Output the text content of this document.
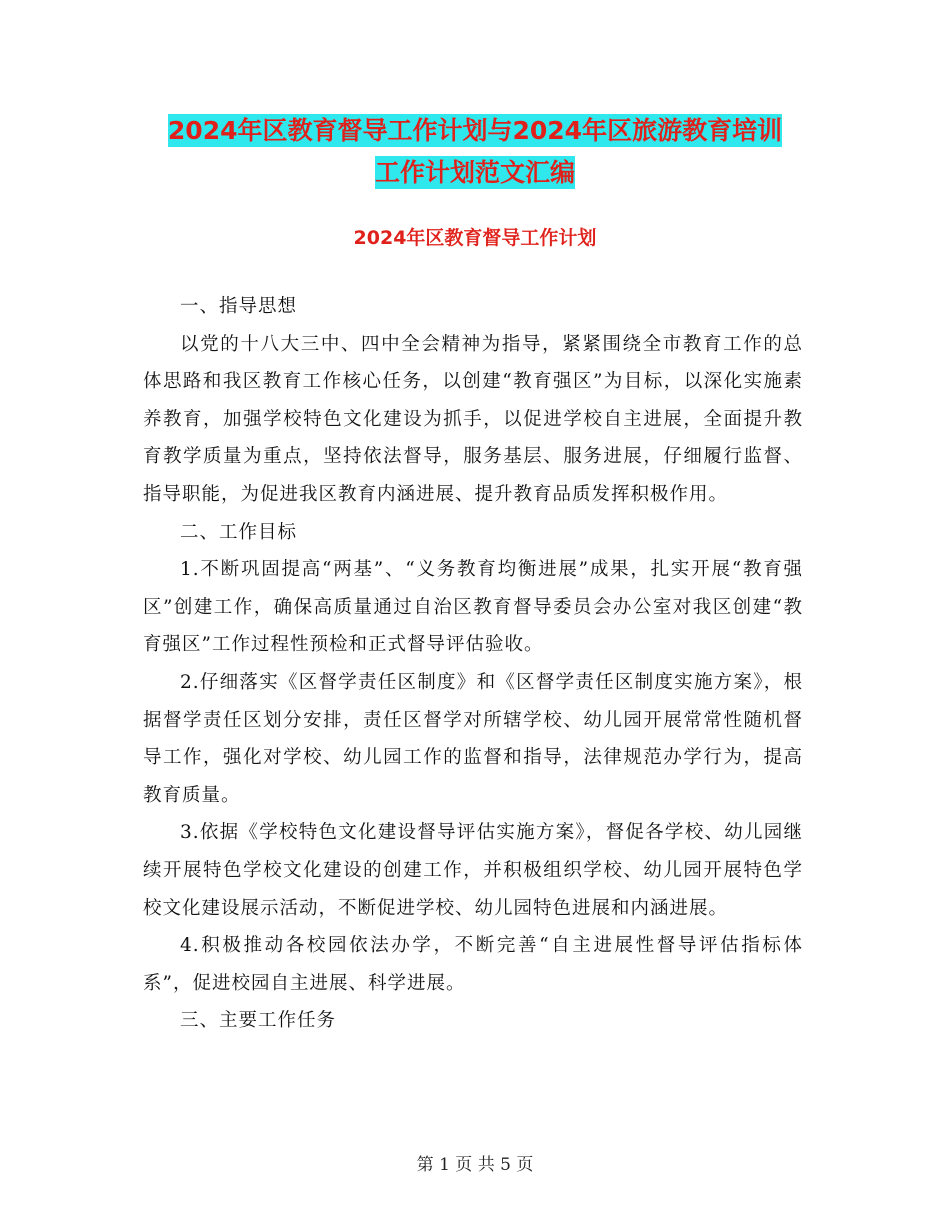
2024年区教育督导工作计划与2024年区旅游教育培训
工作计划范文汇编
2024年区教育督导工作计划

一、指导思想

以党的十八大三中、四中全会精神为指导，紧紧围绕全市教育工作的总体思路和我区教育工作核心任务，以创建“教育强区”为目标，以深化实施素养教育，加强学校特色文化建设为抓手，以促进学校自主进展，全面提升教育教学质量为重点，坚持依法督导，服务基层、服务进展，仔细履行监督、指导职能，为促进我区教育内涵进展、提升教育品质发挥积极作用。

二、工作目标

1.不断巩固提高“两基”、“义务教育均衡进展”成果，扎实开展“教育强区”创建工作，确保高质量通过自治区教育督导委员会办公室对我区创建“教育强区”工作过程性预检和正式督导评估验收。

2.仔细落实《区督学责任区制度》和《区督学责任区制度实施方案》，根据督学责任区划分安排，责任区督学对所辖学校、幼儿园开展常常性随机督导工作，强化对学校、幼儿园工作的监督和指导，法律规范办学行为，提高教育质量。

3.依据《学校特色文化建设督导评估实施方案》，督促各学校、幼儿园继续开展特色学校文化建设的创建工作，并积极组织学校、幼儿园开展特色学校文化建设展示活动，不断促进学校、幼儿园特色进展和内涵进展。

4.积极推动各校园依法办学，不断完善“自主进展性督导评估指标体系”，促进校园自主进展、科学进展。

三、主要工作任务

第 1 页 共 5 页
